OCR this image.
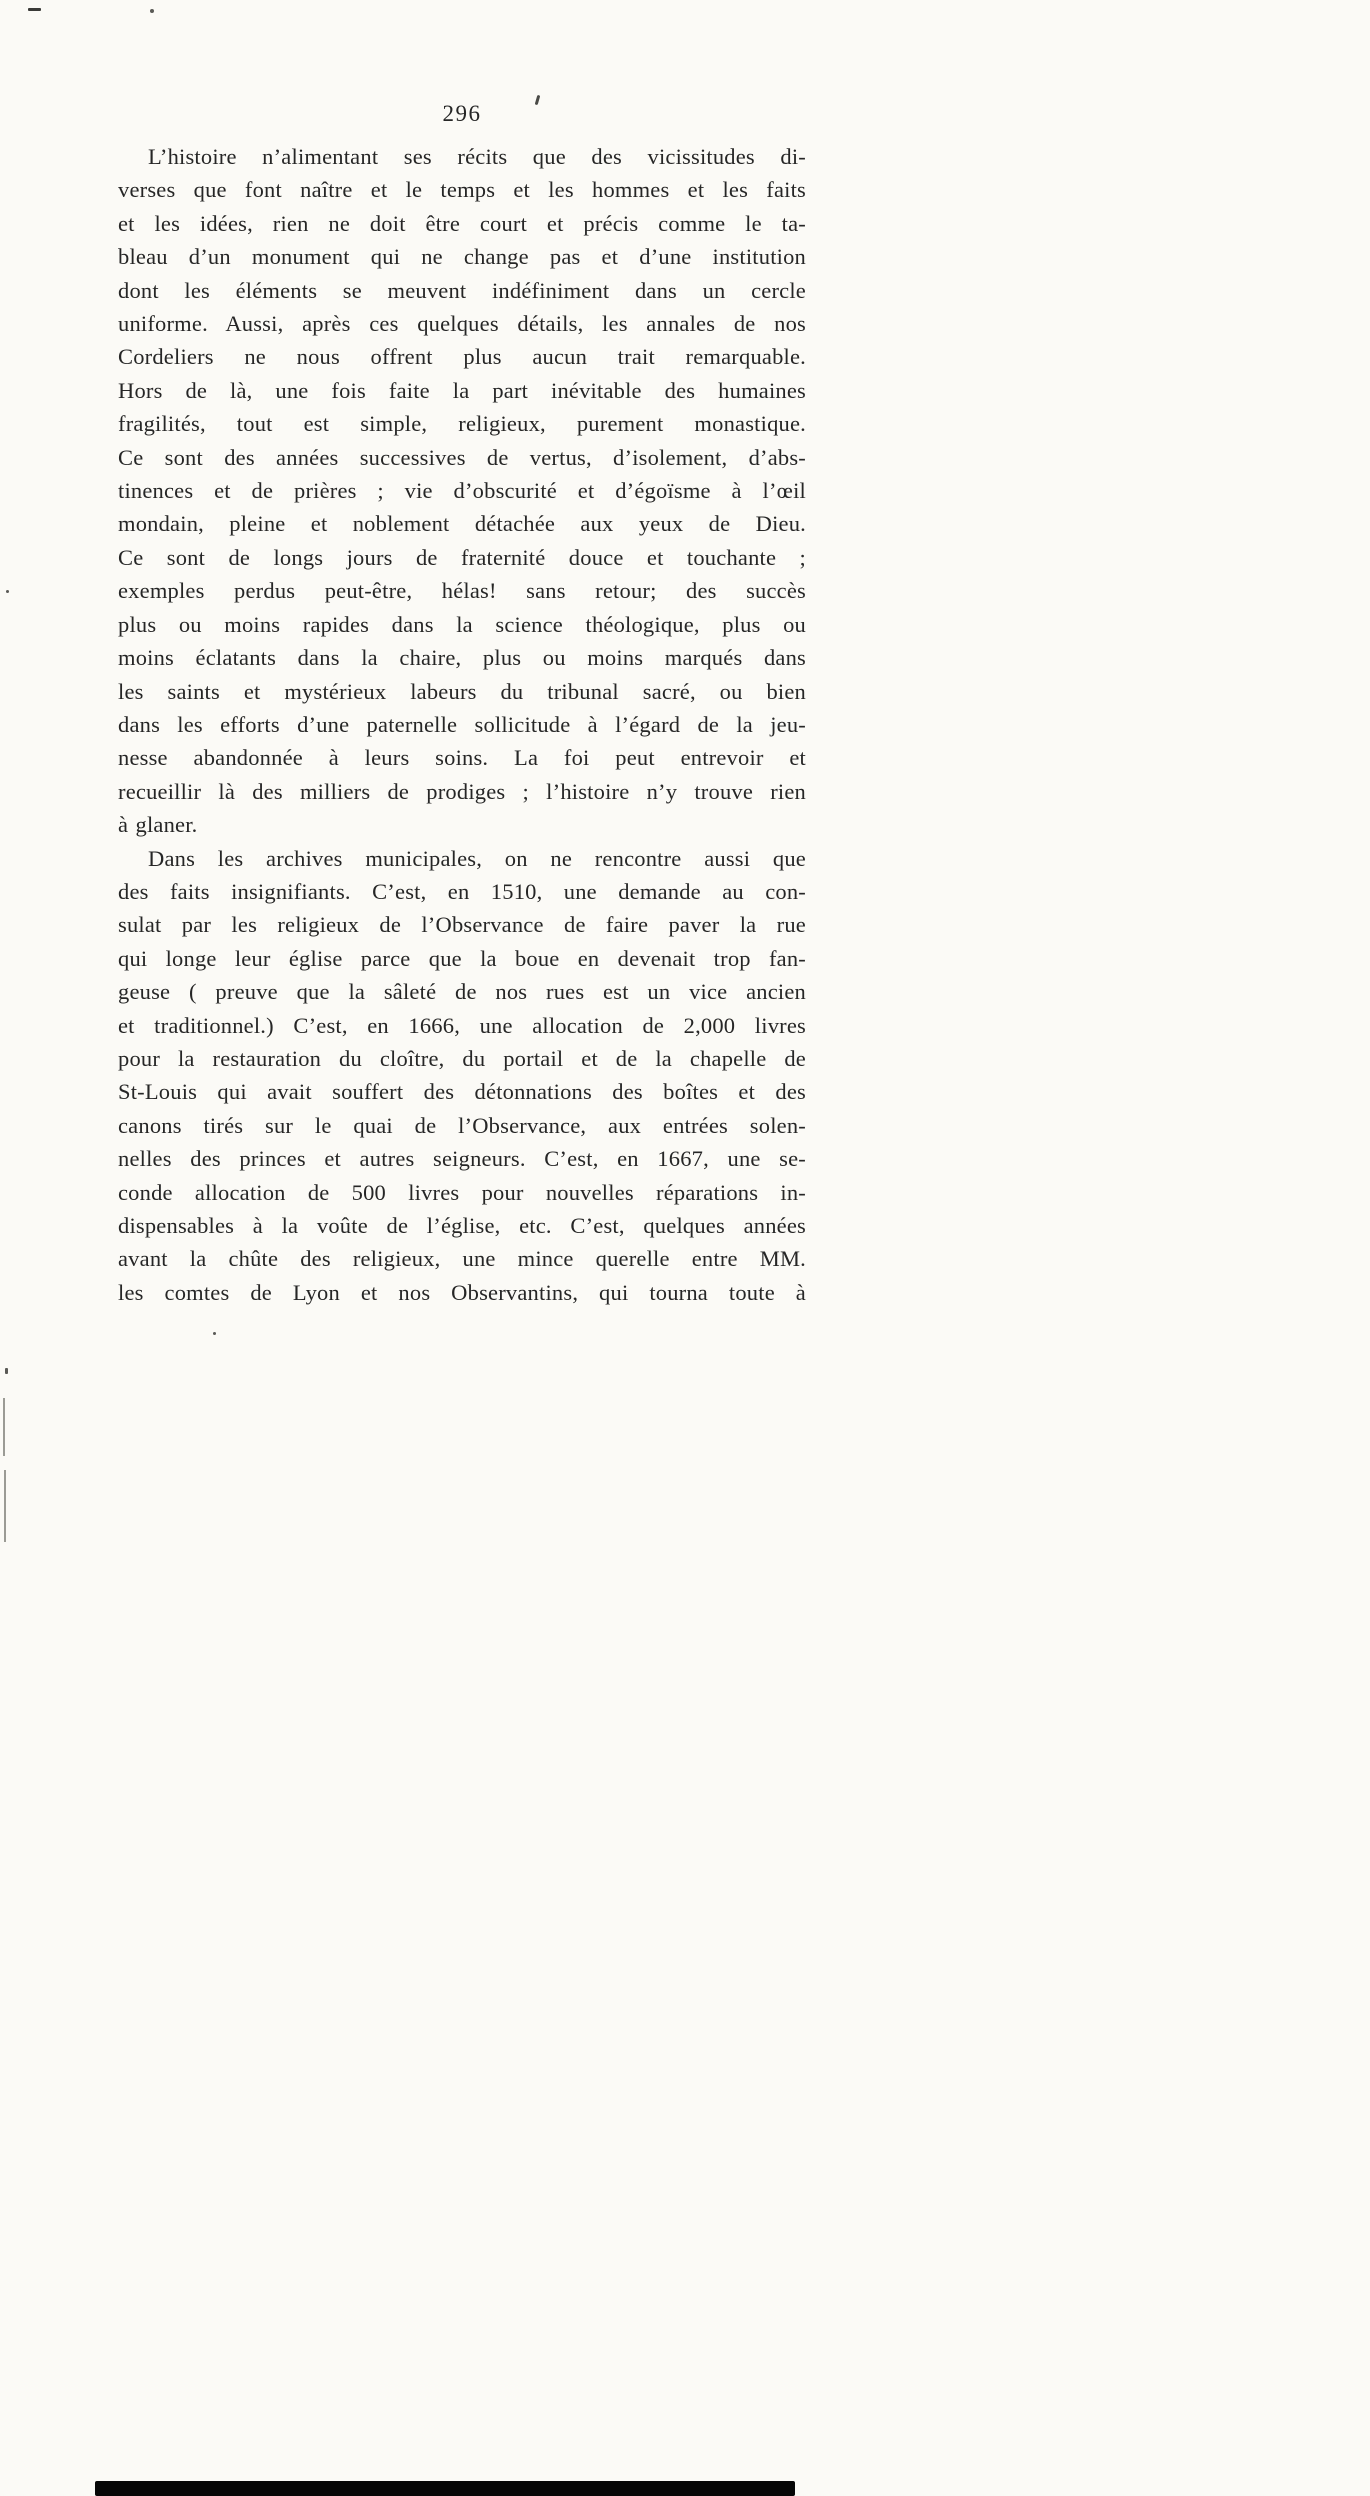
296
L’histoire n’alimentant ses récits que des vicissitudes di-
verses que font naître et le temps et les hommes et les faits
et les idées, rien ne doit être court et précis comme le ta-
bleau d’un monument qui ne change pas et d’une institution
dont les éléments se meuvent indéfiniment dans un cercle
uniforme. Aussi, après ces quelques détails, les annales de nos
Cordeliers ne nous offrent plus aucun trait remarquable.
Hors de là, une fois faite la part inévitable des humaines
fragilités, tout est simple, religieux, purement monastique.
Ce sont des années successives de vertus, d’isolement, d’abs-
tinences et de prières ; vie d’obscurité et d’égoïsme à l’œil
mondain, pleine et noblement détachée aux yeux de Dieu.
Ce sont de longs jours de fraternité douce et touchante ;
exemples perdus peut-être, hélas! sans retour; des succès
plus ou moins rapides dans la science théologique, plus ou
moins éclatants dans la chaire, plus ou moins marqués dans
les saints et mystérieux labeurs du tribunal sacré, ou bien
dans les efforts d’une paternelle sollicitude à l’égard de la jeu-
nesse abandonnée à leurs soins. La foi peut entrevoir et
recueillir là des milliers de prodiges ; l’histoire n’y trouve rien
à glaner.
Dans les archives municipales, on ne rencontre aussi que
des faits insignifiants. C’est, en 1510, une demande au con-
sulat par les religieux de l’Observance de faire paver la rue
qui longe leur église parce que la boue en devenait trop fan-
geuse ( preuve que la sâleté de nos rues est un vice ancien
et traditionnel.) C’est, en 1666, une allocation de 2,000 livres
pour la restauration du cloître, du portail et de la chapelle de
St-Louis qui avait souffert des détonnations des boîtes et des
canons tirés sur le quai de l’Observance, aux entrées solen-
nelles des princes et autres seigneurs. C’est, en 1667, une se-
conde allocation de 500 livres pour nouvelles réparations in-
dispensables à la voûte de l’église, etc. C’est, quelques années
avant la chûte des religieux, une mince querelle entre MM.
les comtes de Lyon et nos Observantins, qui tourna toute à
